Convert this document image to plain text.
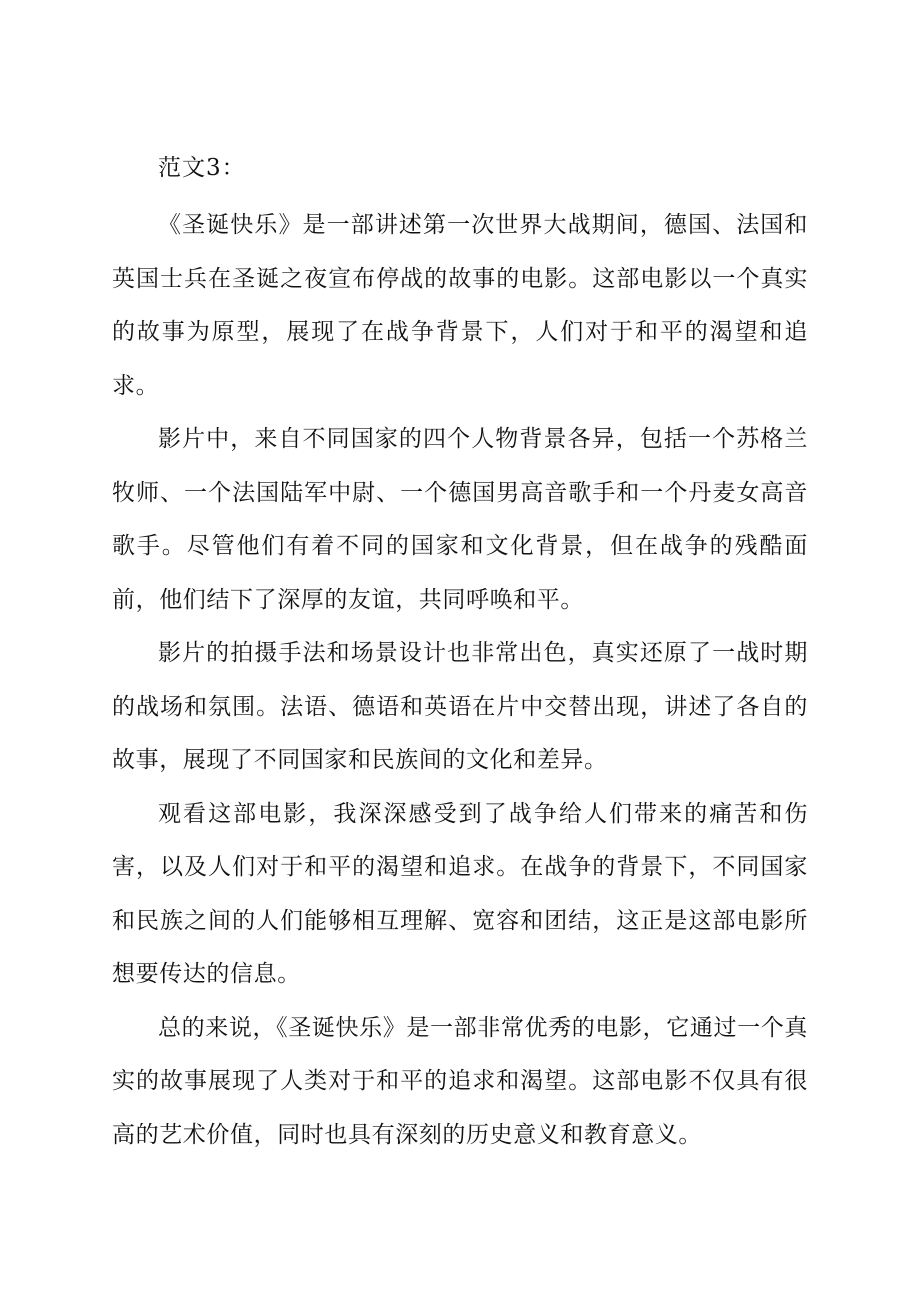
范文3：

《圣诞快乐》是一部讲述第一次世界大战期间，德国、法国和英国士兵在圣诞之夜宣布停战的故事的电影。这部电影以一个真实的故事为原型，展现了在战争背景下，人们对于和平的渴望和追求。

影片中，来自不同国家的四个人物背景各异，包括一个苏格兰牧师、一个法国陆军中尉、一个德国男高音歌手和一个丹麦女高音歌手。尽管他们有着不同的国家和文化背景，但在战争的残酷面前，他们结下了深厚的友谊，共同呼唤和平。

影片的拍摄手法和场景设计也非常出色，真实还原了一战时期的战场和氛围。法语、德语和英语在片中交替出现，讲述了各自的故事，展现了不同国家和民族间的文化和差异。

观看这部电影，我深深感受到了战争给人们带来的痛苦和伤害，以及人们对于和平的渴望和追求。在战争的背景下，不同国家和民族之间的人们能够相互理解、宽容和团结，这正是这部电影所想要传达的信息。

总的来说，《圣诞快乐》是一部非常优秀的电影，它通过一个真实的故事展现了人类对于和平的追求和渴望。这部电影不仅具有很高的艺术价值，同时也具有深刻的历史意义和教育意义。
